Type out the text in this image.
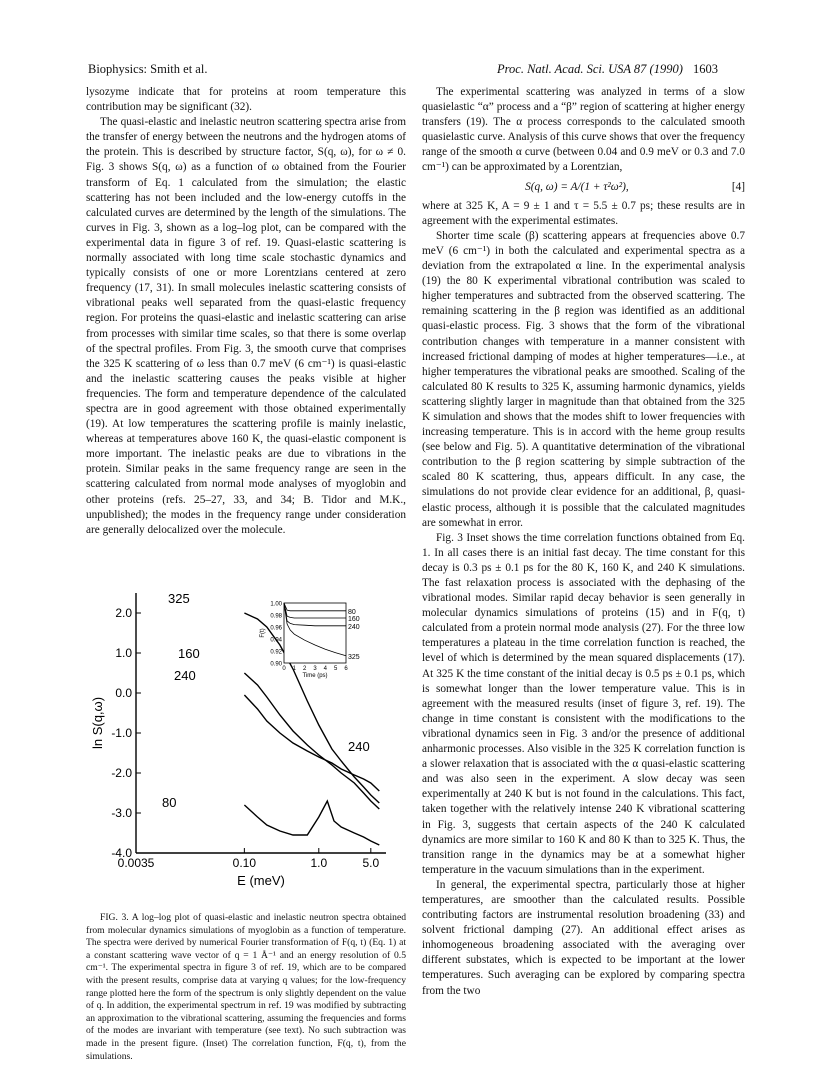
Biophysics: Smith et al.	Proc. Natl. Acad. Sci. USA 87 (1990) 1603

lysozyme indicate that for proteins at room temperature this contribution may be significant (32).

The quasi-elastic and inelastic neutron scattering spectra arise from the transfer of energy between the neutrons and the hydrogen atoms of the protein. This is described by structure factor, S(q, ω), for ω ≠ 0. Fig. 3 shows S(q, ω) as a function of ω obtained from the Fourier transform of Eq. 1 calculated from the simulation; the elastic scattering has not been included and the low-energy cutoffs in the calculated curves are determined by the length of the simulations. The curves in Fig. 3, shown as a log–log plot, can be compared with the experimental data in figure 3 of ref. 19. Quasi-elastic scattering is normally associated with long time scale stochastic dynamics and typically consists of one or more Lorentzians centered at zero frequency (17, 31). In small molecules inelastic scattering consists of vibrational peaks well separated from the quasi-elastic frequency region. For proteins the quasi-elastic and inelastic scattering can arise from processes with similar time scales, so that there is some overlap of the spectral profiles. From Fig. 3, the smooth curve that comprises the 325 K scattering of ω less than 0.7 meV (6 cm⁻¹) is quasi-elastic and the inelastic scattering causes the peaks visible at higher frequencies. The form and temperature dependence of the calculated spectra are in good agreement with those obtained experimentally (19). At low temperatures the scattering profile is mainly inelastic, whereas at temperatures above 160 K, the quasi-elastic component is more important. The inelastic peaks are due to vibrations in the protein. Similar peaks in the same frequency range are seen in the scattering calculated from normal mode analyses of myoglobin and other proteins (refs. 25–27, 33, and 34; B. Tidor and M.K., unpublished); the modes in the frequency range under consideration are generally delocalized over the molecule.

2.0
1.0
0.0
-1.0
-2.0
-3.0
-4.0
0.0035	0.10	1.0	5.0
E (meV)
ln S(q,ω)
325
160
240
240
80
0.90
0.92
0.94
0.96
0.98
1.00
0 1 2 3 4 5 6
Time (ps)
F(t)
80
160
240
325

FIG. 3. A log–log plot of quasi-elastic and inelastic neutron spectra obtained from molecular dynamics simulations of myoglobin as a function of temperature. The spectra were derived by numerical Fourier transformation of F(q, t) (Eq. 1) at a constant scattering wave vector of q = 1 Å⁻¹ and an energy resolution of 0.5 cm⁻¹. The experimental spectra in figure 3 of ref. 19, which are to be compared with the present results, comprise data at varying q values; for the low-frequency range plotted here the form of the spectrum is only slightly dependent on the value of q. In addition, the experimental spectrum in ref. 19 was modified by subtracting an approximation to the vibrational scattering, assuming the frequencies and forms of the modes are invariant with temperature (see text). No such subtraction was made in the present figure. (Inset) The correlation function, F(q, t), from the simulations.

The experimental scattering was analyzed in terms of a slow quasielastic “α” process and a “β” region of scattering at higher energy transfers (19). The α process corresponds to the calculated smooth quasielastic curve. Analysis of this curve shows that over the frequency range of the smooth α curve (between 0.04 and 0.9 meV or 0.3 and 7.0 cm⁻¹) can be approximated by a Lorentzian,

S(q, ω) = A/(1 + τ²ω²),	[4]

where at 325 K, A = 9 ± 1 and τ = 5.5 ± 0.7 ps; these results are in agreement with the experimental estimates.

Shorter time scale (β) scattering appears at frequencies above 0.7 meV (6 cm⁻¹) in both the calculated and experimental spectra as a deviation from the extrapolated α line. In the experimental analysis (19) the 80 K experimental vibrational contribution was scaled to higher temperatures and subtracted from the observed scattering. The remaining scattering in the β region was identified as an additional quasi-elastic process. Fig. 3 shows that the form of the vibrational contribution changes with temperature in a manner consistent with increased frictional damping of modes at higher temperatures—i.e., at higher temperatures the vibrational peaks are smoothed. Scaling of the calculated 80 K results to 325 K, assuming harmonic dynamics, yields scattering slightly larger in magnitude than that obtained from the 325 K simulation and shows that the modes shift to lower frequencies with increasing temperature. This is in accord with the heme group results (see below and Fig. 5). A quantitative determination of the vibrational contribution to the β region scattering by simple subtraction of the scaled 80 K scattering, thus, appears difficult. In any case, the simulations do not provide clear evidence for an additional, β, quasi-elastic process, although it is possible that the calculated magnitudes are somewhat in error.

Fig. 3 Inset shows the time correlation functions obtained from Eq. 1. In all cases there is an initial fast decay. The time constant for this decay is 0.3 ps ± 0.1 ps for the 80 K, 160 K, and 240 K simulations. The fast relaxation process is associated with the dephasing of the vibrational modes. Similar rapid decay behavior is seen generally in molecular dynamics simulations of proteins (15) and in F(q, t) calculated from a protein normal mode analysis (27). For the three low temperatures a plateau in the time correlation function is reached, the level of which is determined by the mean squared displacements (17). At 325 K the time constant of the initial decay is 0.5 ps ± 0.1 ps, which is somewhat longer than the lower temperature value. This is in agreement with the measured results (inset of figure 3, ref. 19). The change in time constant is consistent with the modifications to the vibrational dynamics seen in Fig. 3 and/or the presence of additional anharmonic processes. Also visible in the 325 K correlation function is a slower relaxation that is associated with the α quasi-elastic scattering and was also seen in the experiment. A slow decay was seen experimentally at 240 K but is not found in the calculations. This fact, taken together with the relatively intense 240 K vibrational scattering in Fig. 3, suggests that certain aspects of the 240 K calculated dynamics are more similar to 160 K and 80 K than to 325 K. Thus, the transition range in the dynamics may be at a somewhat higher temperature in the vacuum simulations than in the experiment.

In general, the experimental spectra, particularly those at higher temperatures, are smoother than the calculated results. Possible contributing factors are instrumental resolution broadening (33) and solvent frictional damping (27). An additional effect arises as inhomogeneous broadening associated with the averaging over different substates, which is expected to be important at the lower temperatures. Such averaging can be explored by comparing spectra from the two
